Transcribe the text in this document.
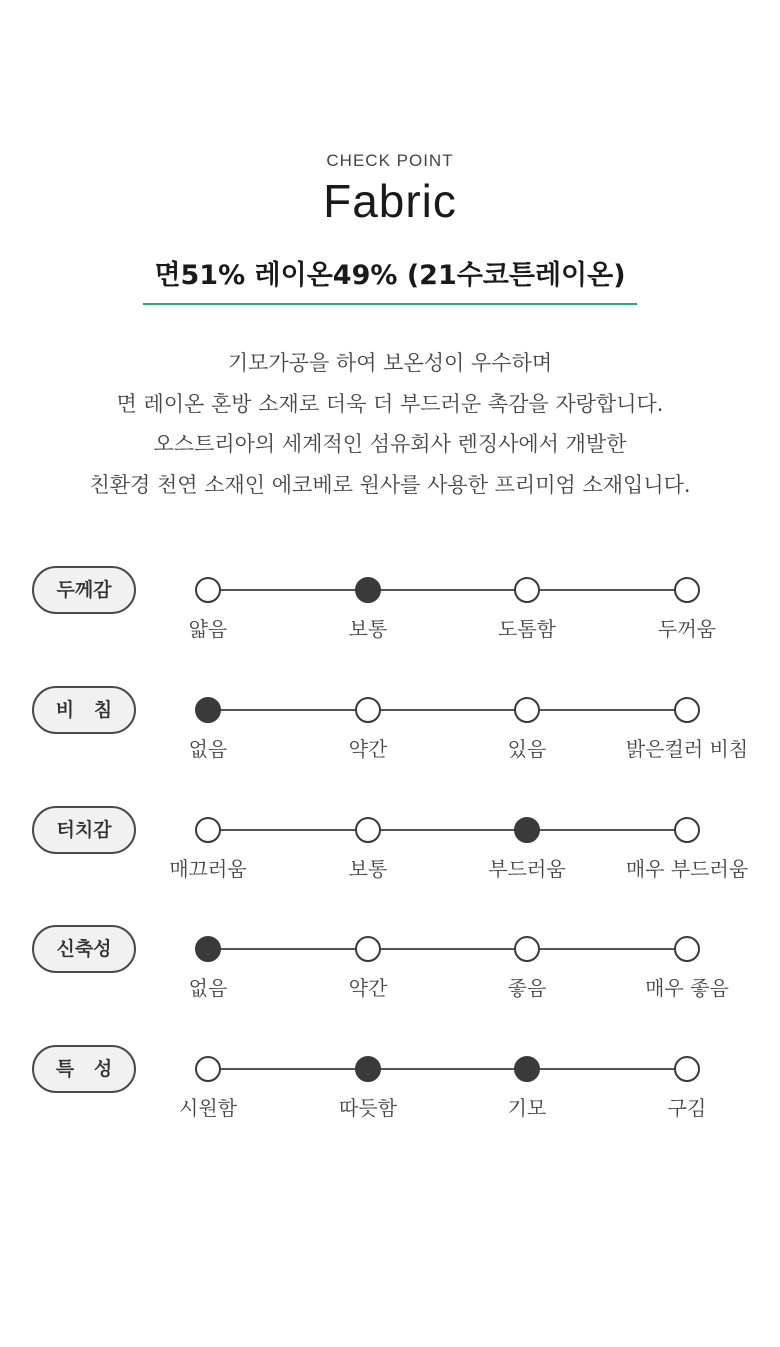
CHECK POINT
Fabric
면51% 레이온49% (21수코튼레이온)
기모가공을 하여 보온성이 우수하며
면 레이온 혼방 소재로 더욱 더 부드러운 촉감을 자랑합니다.
오스트리아의 세계적인 섬유회사 렌징사에서 개발한
친환경 천연 소재인 에코베로 원사를 사용한 프리미엄 소재입니다.
두께감
얇음	보통	도톰함	두꺼움
비   침
없음	약간	있음	밝은컬러 비침
터치감
매끄러움	보통	부드러움	매우 부드러움
신축성
없음	약간	좋음	매우 좋음
특   성
시원함	따듯함	기모	구김
